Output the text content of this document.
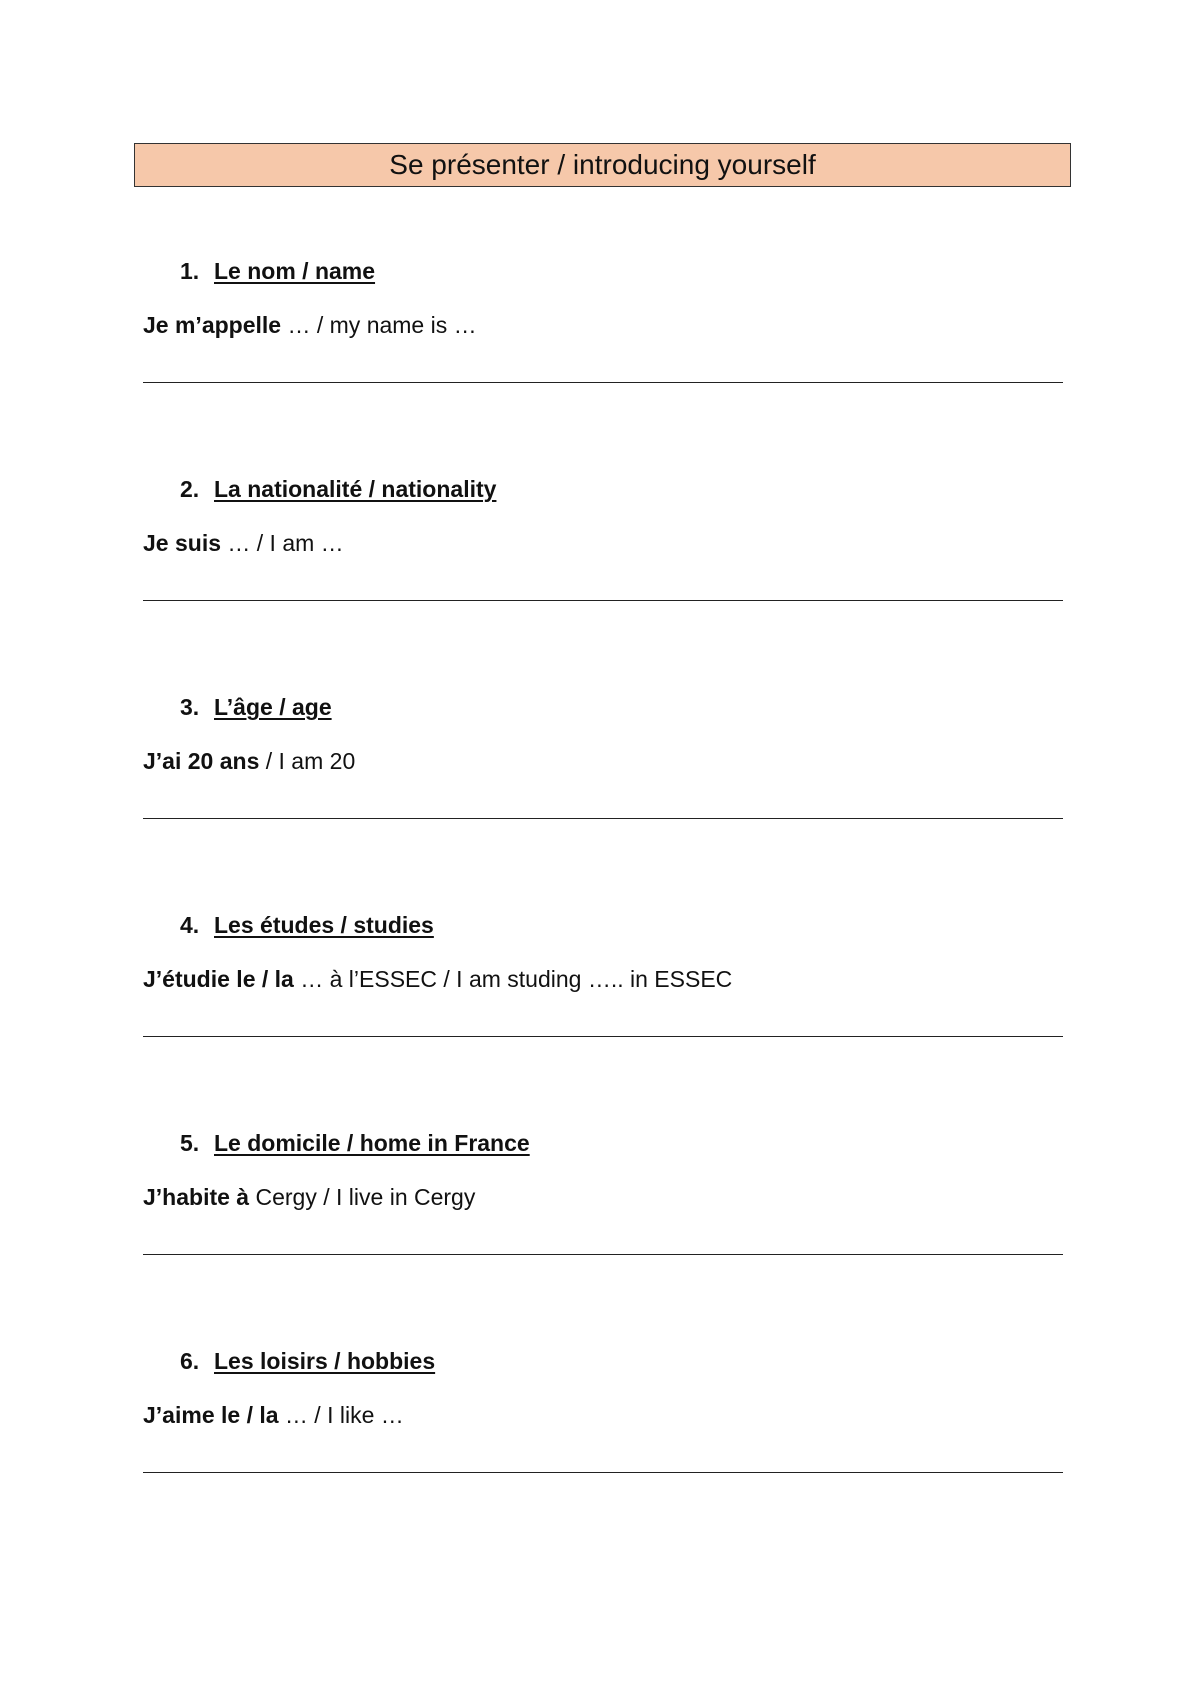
Se présenter / introducing yourself
1. Le nom / name
Je m’appelle … / my name is …
2. La nationalité / nationality
Je suis … / I am …
3. L’âge / age
J’ai 20 ans / I am 20
4. Les études / studies
J’étudie le / la … à l’ESSEC / I am studing ….. in ESSEC
5. Le domicile / home in France
J’habite à Cergy / I live in Cergy
6. Les loisirs / hobbies
J’aime le / la … / I like …
